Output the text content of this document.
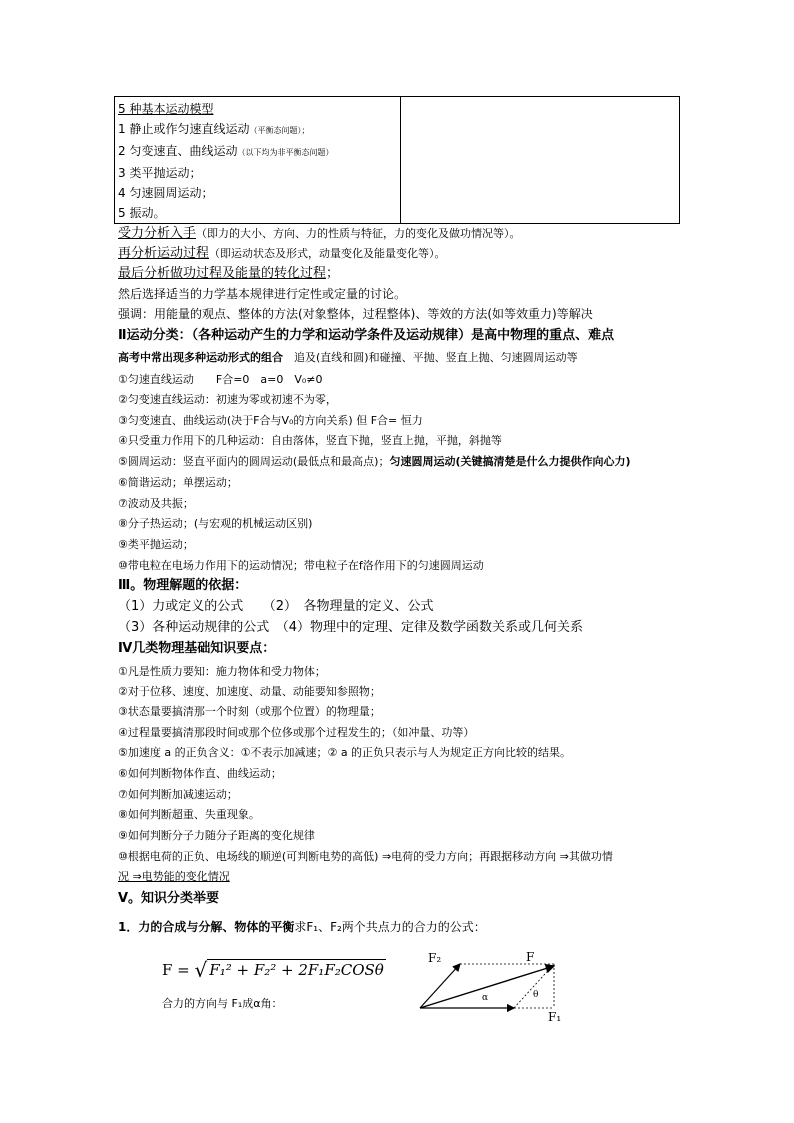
5 种基本运动模型
1 静止或作匀速直线运动（平衡态问题）；
2 匀变速直、曲线运动（以下均为非平衡态问题）
3 类平抛运动；
4 匀速圆周运动；
5 振动。

受力分析入手（即力的大小、方向、力的性质与特征，力的变化及做功情况等）。
再分析运动过程（即运动状态及形式，动量变化及能量变化等）。
最后分析做功过程及能量的转化过程；
然后选择适当的力学基本规律进行定性或定量的讨论。
强调：用能量的观点、整体的方法(对象整体，过程整体)、等效的方法(如等效重力)等解决
Ⅱ运动分类：（各种运动产生的力学和运动学条件及运动规律）是高中物理的重点、难点
高考中常出现多种运动形式的组合　追及(直线和圆)和碰撞、平抛、竖直上抛、匀速圆周运动等
①匀速直线运动　　F合=0　a=0　V₀≠0
②匀变速直线运动：初速为零或初速不为零，
③匀变速直、曲线运动(决于F合与V₀的方向关系) 但 F合= 恒力
④只受重力作用下的几种运动：自由落体，竖直下抛，竖直上抛，平抛，斜抛等
⑤圆周运动：竖直平面内的圆周运动(最低点和最高点)；匀速圆周运动(关键搞清楚是什么力提供作向心力)
⑥简谐运动；单摆运动；
⑦波动及共振；
⑧分子热运动；(与宏观的机械运动区别)
⑨类平抛运动；
⑩带电粒在电场力作用下的运动情况；带电粒子在f洛作用下的匀速圆周运动
Ⅲ。物理解题的依据：
（1）力或定义的公式　　（2）　各物理量的定义、公式
（3）各种运动规律的公式　（4）物理中的定理、定律及数学函数关系或几何关系
Ⅳ几类物理基础知识要点：
①凡是性质力要知：施力物体和受力物体；
②对于位移、速度、加速度、动量、动能要知参照物；
③状态量要搞清那一个时刻（或那个位置）的物理量；
④过程量要搞清那段时间或那个位侈或那个过程发生的；（如冲量、功等）
⑤加速度 a 的正负含义：①不表示加减速；② a 的正负只表示与人为规定正方向比较的结果。
⑥如何判断物体作直、曲线运动；
⑦如何判断加减速运动；
⑧如何判断超重、失重现象。
⑨如何判断分子力随分子距离的变化规律
⑩根据电荷的正负、电场线的顺逆(可判断电势的高低) ⇒电荷的受力方向；再跟据移动方向 ⇒其做功情
况 ⇒电势能的变化情况
V。知识分类举要
1．力的合成与分解、物体的平衡求F₁、F₂两个共点力的合力的公式：
F = √ F₁² + F₂² + 2F₁F₂COSθ
合力的方向与 F₁成α角：
F₂	F
F₁
α	θ
